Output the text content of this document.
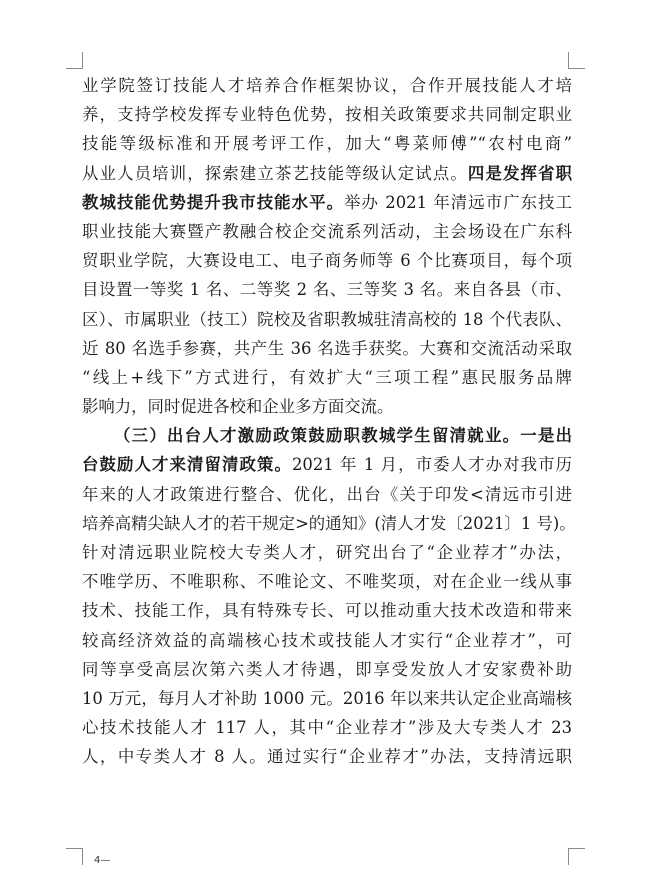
业学院签订技能人才培养合作框架协议，合作开展技能人才培
养，支持学校发挥专业特色优势，按相关政策要求共同制定职业
技能等级标准和开展考评工作，加大“粤菜师傅”“农村电商”
从业人员培训，探索建立茶艺技能等级认定试点。四是发挥省职
教城技能优势提升我市技能水平。举办 2021 年清远市广东技工
职业技能大赛暨产教融合校企交流系列活动，主会场设在广东科
贸职业学院，大赛设电工、电子商务师等 6 个比赛项目，每个项
目设置一等奖 1 名、二等奖 2 名、三等奖 3 名。来自各县（市、
区）、市属职业（技工）院校及省职教城驻清高校的 18 个代表队、
近 80 名选手参赛，共产生 36 名选手获奖。大赛和交流活动采取
“线上+线下”方式进行，有效扩大“三项工程”惠民服务品牌
影响力，同时促进各校和企业多方面交流。
（三）出台人才激励政策鼓励职教城学生留清就业。一是出
台鼓励人才来清留清政策。2021 年 1 月，市委人才办对我市历
年来的人才政策进行整合、优化，出台《关于印发<清远市引进
培养高精尖缺人才的若干规定>的通知》(清人才发〔2021〕1 号)。
针对清远职业院校大专类人才，研究出台了“企业荐才”办法，
不唯学历、不唯职称、不唯论文、不唯奖项，对在企业一线从事
技术、技能工作，具有特殊专长、可以推动重大技术改造和带来
较高经济效益的高端核心技术或技能人才实行“企业荐才”，可
同等享受高层次第六类人才待遇，即享受发放人才安家费补助
10 万元，每月人才补助 1000 元。2016 年以来共认定企业高端核
心技术技能人才 117 人，其中“企业荐才”涉及大专类人才 23
人，中专类人才 8 人。通过实行“企业荐才”办法，支持清远职
4—
